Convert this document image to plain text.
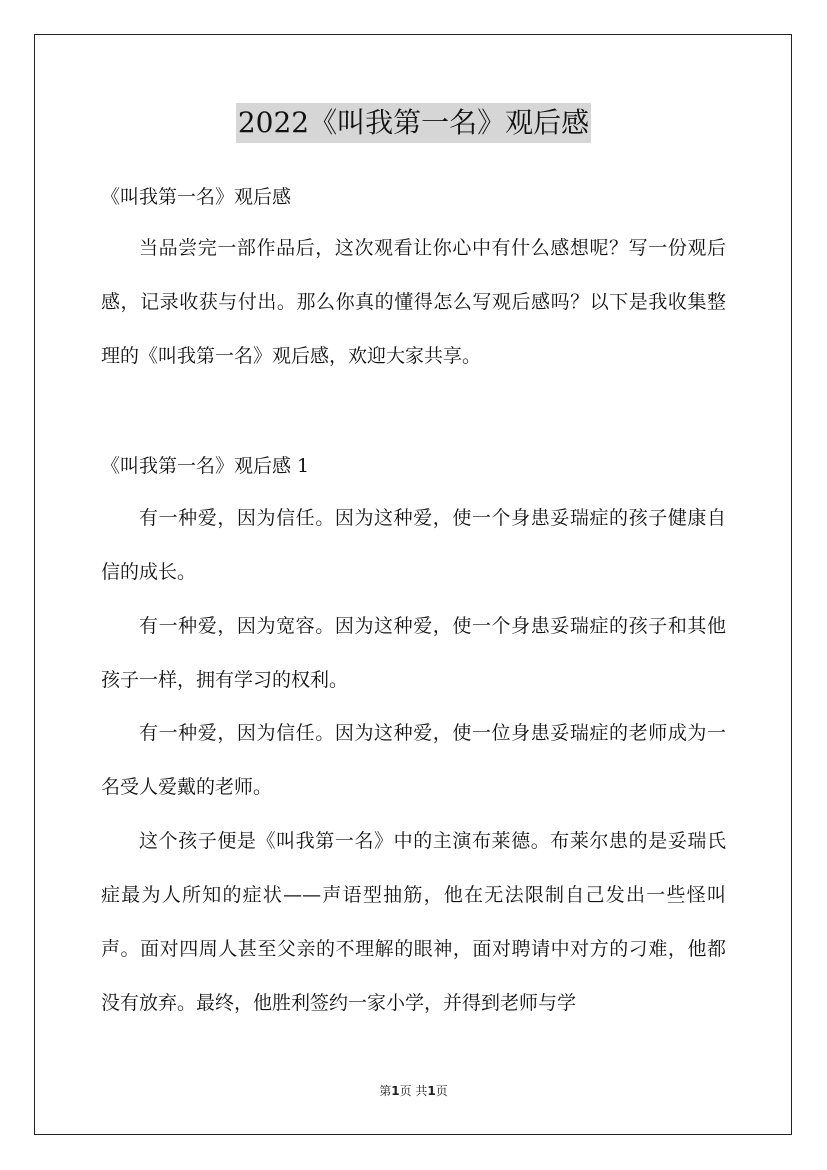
2022《叫我第一名》观后感

《叫我第一名》观后感

当品尝完一部作品后，这次观看让你心中有什么感想呢？写一份观后感，记录收获与付出。那么你真的懂得怎么写观后感吗？以下是我收集整理的《叫我第一名》观后感，欢迎大家共享。

《叫我第一名》观后感 1

有一种爱，因为信任。因为这种爱，使一个身患妥瑞症的孩子健康自信的成长。

有一种爱，因为宽容。因为这种爱，使一个身患妥瑞症的孩子和其他孩子一样，拥有学习的权利。

有一种爱，因为信任。因为这种爱，使一位身患妥瑞症的老师成为一名受人爱戴的老师。

这个孩子便是《叫我第一名》中的主演布莱德。布莱尔患的是妥瑞氏症最为人所知的症状——声语型抽筋，他在无法限制自己发出一些怪叫声。面对四周人甚至父亲的不理解的眼神，面对聘请中对方的刁难，他都没有放弃。最终，他胜利签约一家小学，并得到老师与学

第1页 共1页
